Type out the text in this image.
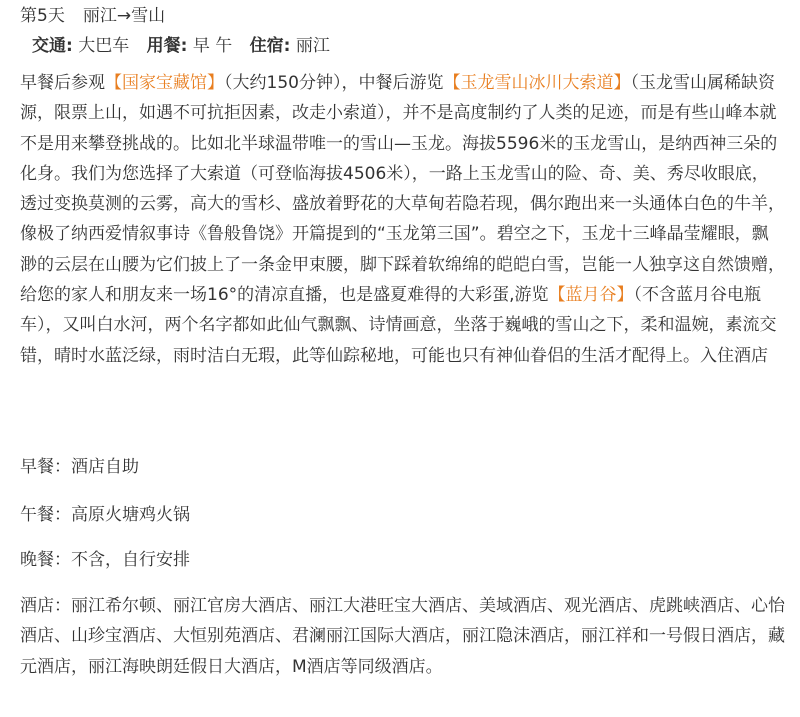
第5天 丽江→雪山
交通: 大巴车 用餐: 早 午 住宿: 丽江
早餐后参观【国家宝藏馆】（大约150分钟），中餐后游览【玉龙雪山冰川大索道】（玉龙雪山属稀缺资源，限票上山，如遇不可抗拒因素，改走小索道），并不是高度制约了人类的足迹，而是有些山峰本就不是用来攀登挑战的。比如北半球温带唯一的雪山—玉龙。海拔5596米的玉龙雪山，是纳西神三朵的化身。我们为您选择了大索道（可登临海拔4506米），一路上玉龙雪山的险、奇、美、秀尽收眼底，透过变换莫测的云雾，高大的雪杉、盛放着野花的大草甸若隐若现，偶尔跑出来一头通体白色的牛羊，像极了纳西爱情叙事诗《鲁般鲁饶》开篇提到的“玉龙第三国”。碧空之下，玉龙十三峰晶莹耀眼，飘渺的云层在山腰为它们披上了一条金甲束腰，脚下踩着软绵绵的皑皑白雪，岂能一人独享这自然馈赠，给您的家人和朋友来一场16°的清凉直播，也是盛夏难得的大彩蛋,游览【蓝月谷】（不含蓝月谷电瓶车），又叫白水河，两个名字都如此仙气飘飘、诗情画意，坐落于巍峨的雪山之下，柔和温婉，素流交错，晴时水蓝泛绿，雨时洁白无瑕，此等仙踪秘地，可能也只有神仙眷侣的生活才配得上。入住酒店
早餐：酒店自助
午餐：高原火塘鸡火锅
晚餐：不含，自行安排
酒店：丽江希尔顿、丽江官房大酒店、丽江大港旺宝大酒店、美域酒店、观光酒店、虎跳峡酒店、心怡酒店、山珍宝酒店、大恒别苑酒店、君澜丽江国际大酒店，丽江隐沫酒店，丽江祥和一号假日酒店，藏元酒店，丽江海映朗廷假日大酒店，M酒店等同级酒店。
